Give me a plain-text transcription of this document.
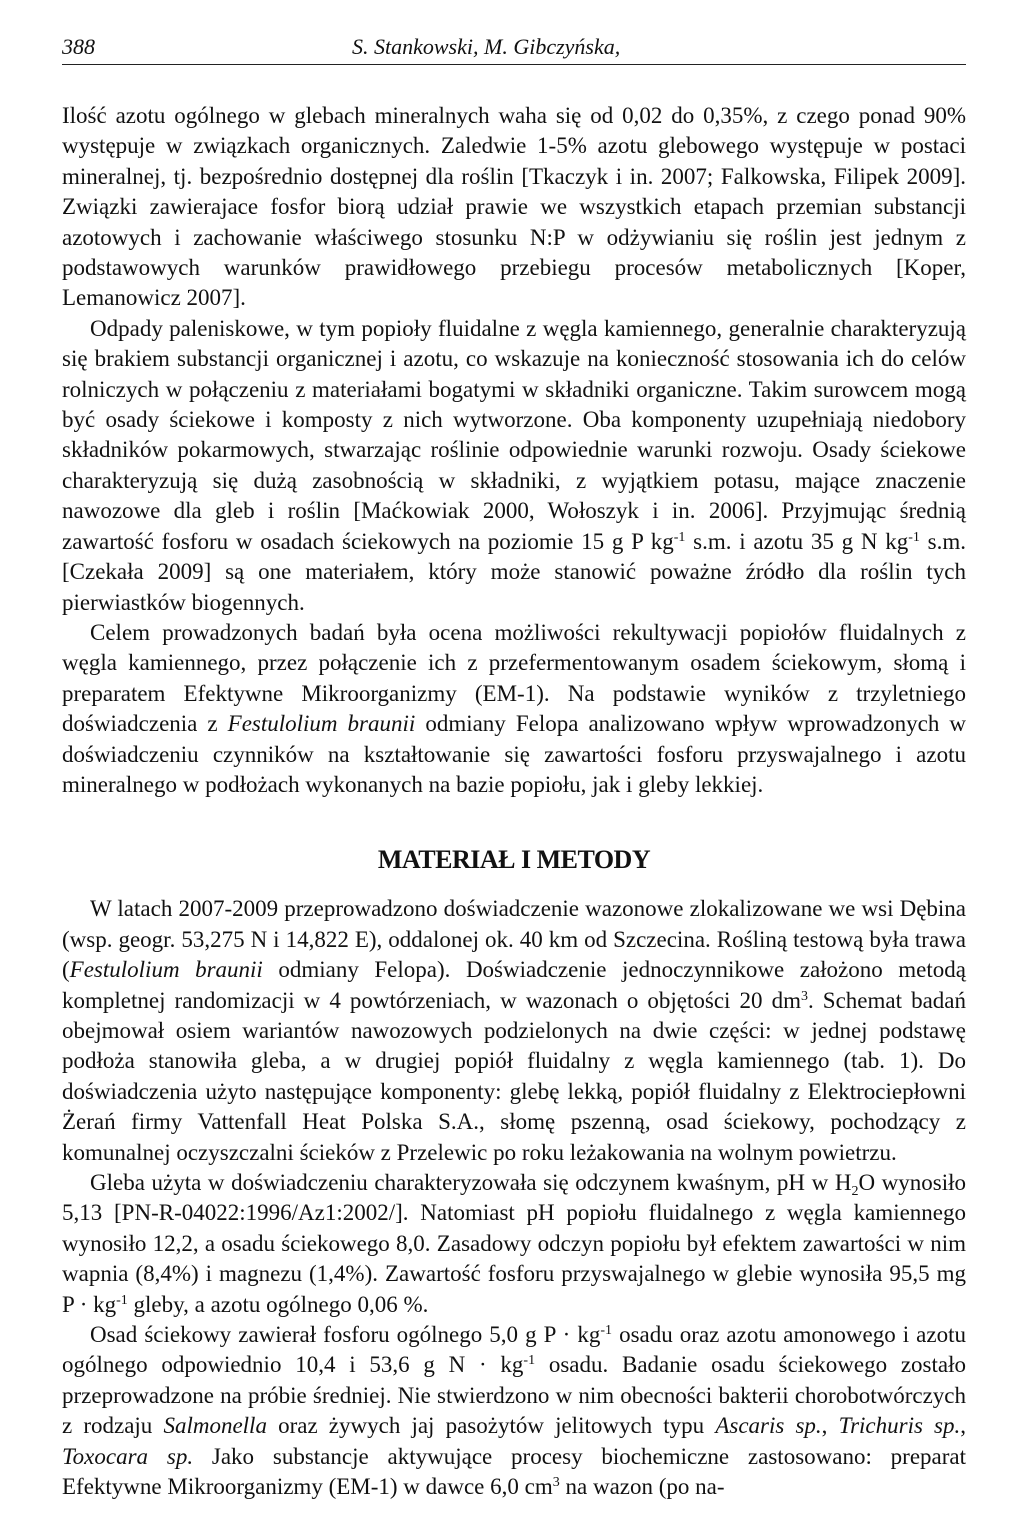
388	S. Stankowski, M. Gibczyńska,

Ilość azotu ogólnego w glebach mineralnych waha się od 0,02 do 0,35%, z czego ponad 90% występuje w związkach organicznych. Zaledwie 1-5% azotu glebowego występuje w postaci mineralnej, tj. bezpośrednio dostępnej dla roślin [Tkaczyk i in. 2007; Falkowska, Filipek 2009]. Związki zawierajace fosfor biorą udział prawie we wszystkich etapach przemian substancji azotowych i zachowanie właściwego stosunku N:P w odżywianiu się roślin jest jednym z podstawowych warunków prawidłowego przebiegu procesów metabolicznych [Koper, Lemanowicz 2007].

Odpady paleniskowe, w tym popioły fluidalne z węgla kamiennego, generalnie charakteryzują się brakiem substancji organicznej i azotu, co wskazuje na konieczność stosowania ich do celów rolniczych w połączeniu z materiałami bogatymi w składniki organiczne. Takim surowcem mogą być osady ściekowe i komposty z nich wytworzone. Oba komponenty uzupełniają niedobory składników pokarmowych, stwarzając roślinie odpowiednie warunki rozwoju. Osady ściekowe charakteryzują się dużą zasobnością w składniki, z wyjątkiem potasu, mające znaczenie nawozowe dla gleb i roślin [Maćkowiak 2000, Wołoszyk i in. 2006]. Przyjmując średnią zawartość fosforu w osadach ściekowych na poziomie 15 g P $kg^{-1}$ s.m. i azotu 35 g N $kg^{-1}$ s.m. [Czekała 2009] są one materiałem, który może stanowić poważne źródło dla roślin tych pierwiastków biogennych.

Celem prowadzonych badań była ocena możliwości rekultywacji popiołów fluidalnych z węgla kamiennego, przez połączenie ich z przefermentowanym osadem ściekowym, słomą i preparatem Efektywne Mikroorganizmy (EM-1). Na podstawie wyników z trzyletniego doświadczenia z Festulolium braunii odmiany Felopa analizowano wpływ wprowadzonych w doświadczeniu czynników na kształtowanie się zawartości fosforu przyswajalnego i azotu mineralnego w podłożach wykonanych na bazie popiołu, jak i gleby lekkiej.

MATERIAŁ I METODY

W latach 2007-2009 przeprowadzono doświadczenie wazonowe zlokalizowane we wsi Dębina (wsp. geogr. 53,275 N i 14,822 E), oddalonej ok. 40 km od Szczecina. Rośliną testową była trawa (Festulolium braunii odmiany Felopa). Doświadczenie jednoczynnikowe założono metodą kompletnej randomizacji w 4 powtórzeniach, w wazonach o objętości 20 $dm^3$. Schemat badań obejmował osiem wariantów nawozowych podzielonych na dwie części: w jednej podstawę podłoża stanowiła gleba, a w drugiej popiół fluidalny z węgla kamiennego (tab. 1). Do doświadczenia użyto następujące komponenty: glebę lekką, popiół fluidalny z Elektrociepłowni Żerań firmy Vattenfall Heat Polska S.A., słomę pszenną, osad ściekowy, pochodzący z komunalnej oczyszczalni ścieków z Przelewic po roku leżakowania na wolnym powietrzu.

Gleba użyta w doświadczeniu charakteryzowała się odczynem kwaśnym, pH w $H_2O$ wynosiło 5,13 [PN-R-04022:1996/Az1:2002/]. Natomiast pH popiołu fluidalnego z węgla kamiennego wynosiło 12,2, a osadu ściekowego 8,0. Zasadowy odczyn popiołu był efektem zawartości w nim wapnia (8,4%) i magnezu (1,4%). Zawartość fosforu przyswajalnego w glebie wynosiła 95,5 mg $P \cdot kg^{-1}$ gleby, a azotu ogólnego 0,06 %.

Osad ściekowy zawierał fosforu ogólnego 5,0 g $P \cdot kg^{-1}$ osadu oraz azotu amonowego i azotu ogólnego odpowiednio 10,4 i 53,6 g $N \cdot kg^{-1}$ osadu. Badanie osadu ściekowego zostało przeprowadzone na próbie średniej. Nie stwierdzono w nim obecności bakterii chorobotwórczych z rodzaju Salmonella oraz żywych jaj pasożytów jelitowych typu Ascaris sp., Trichuris sp., Toxocara sp. Jako substancje aktywujące procesy biochemiczne zastosowano: preparat Efektywne Mikroorganizmy (EM-1) w dawce 6,0 $cm^3$ na wazon (po na-
